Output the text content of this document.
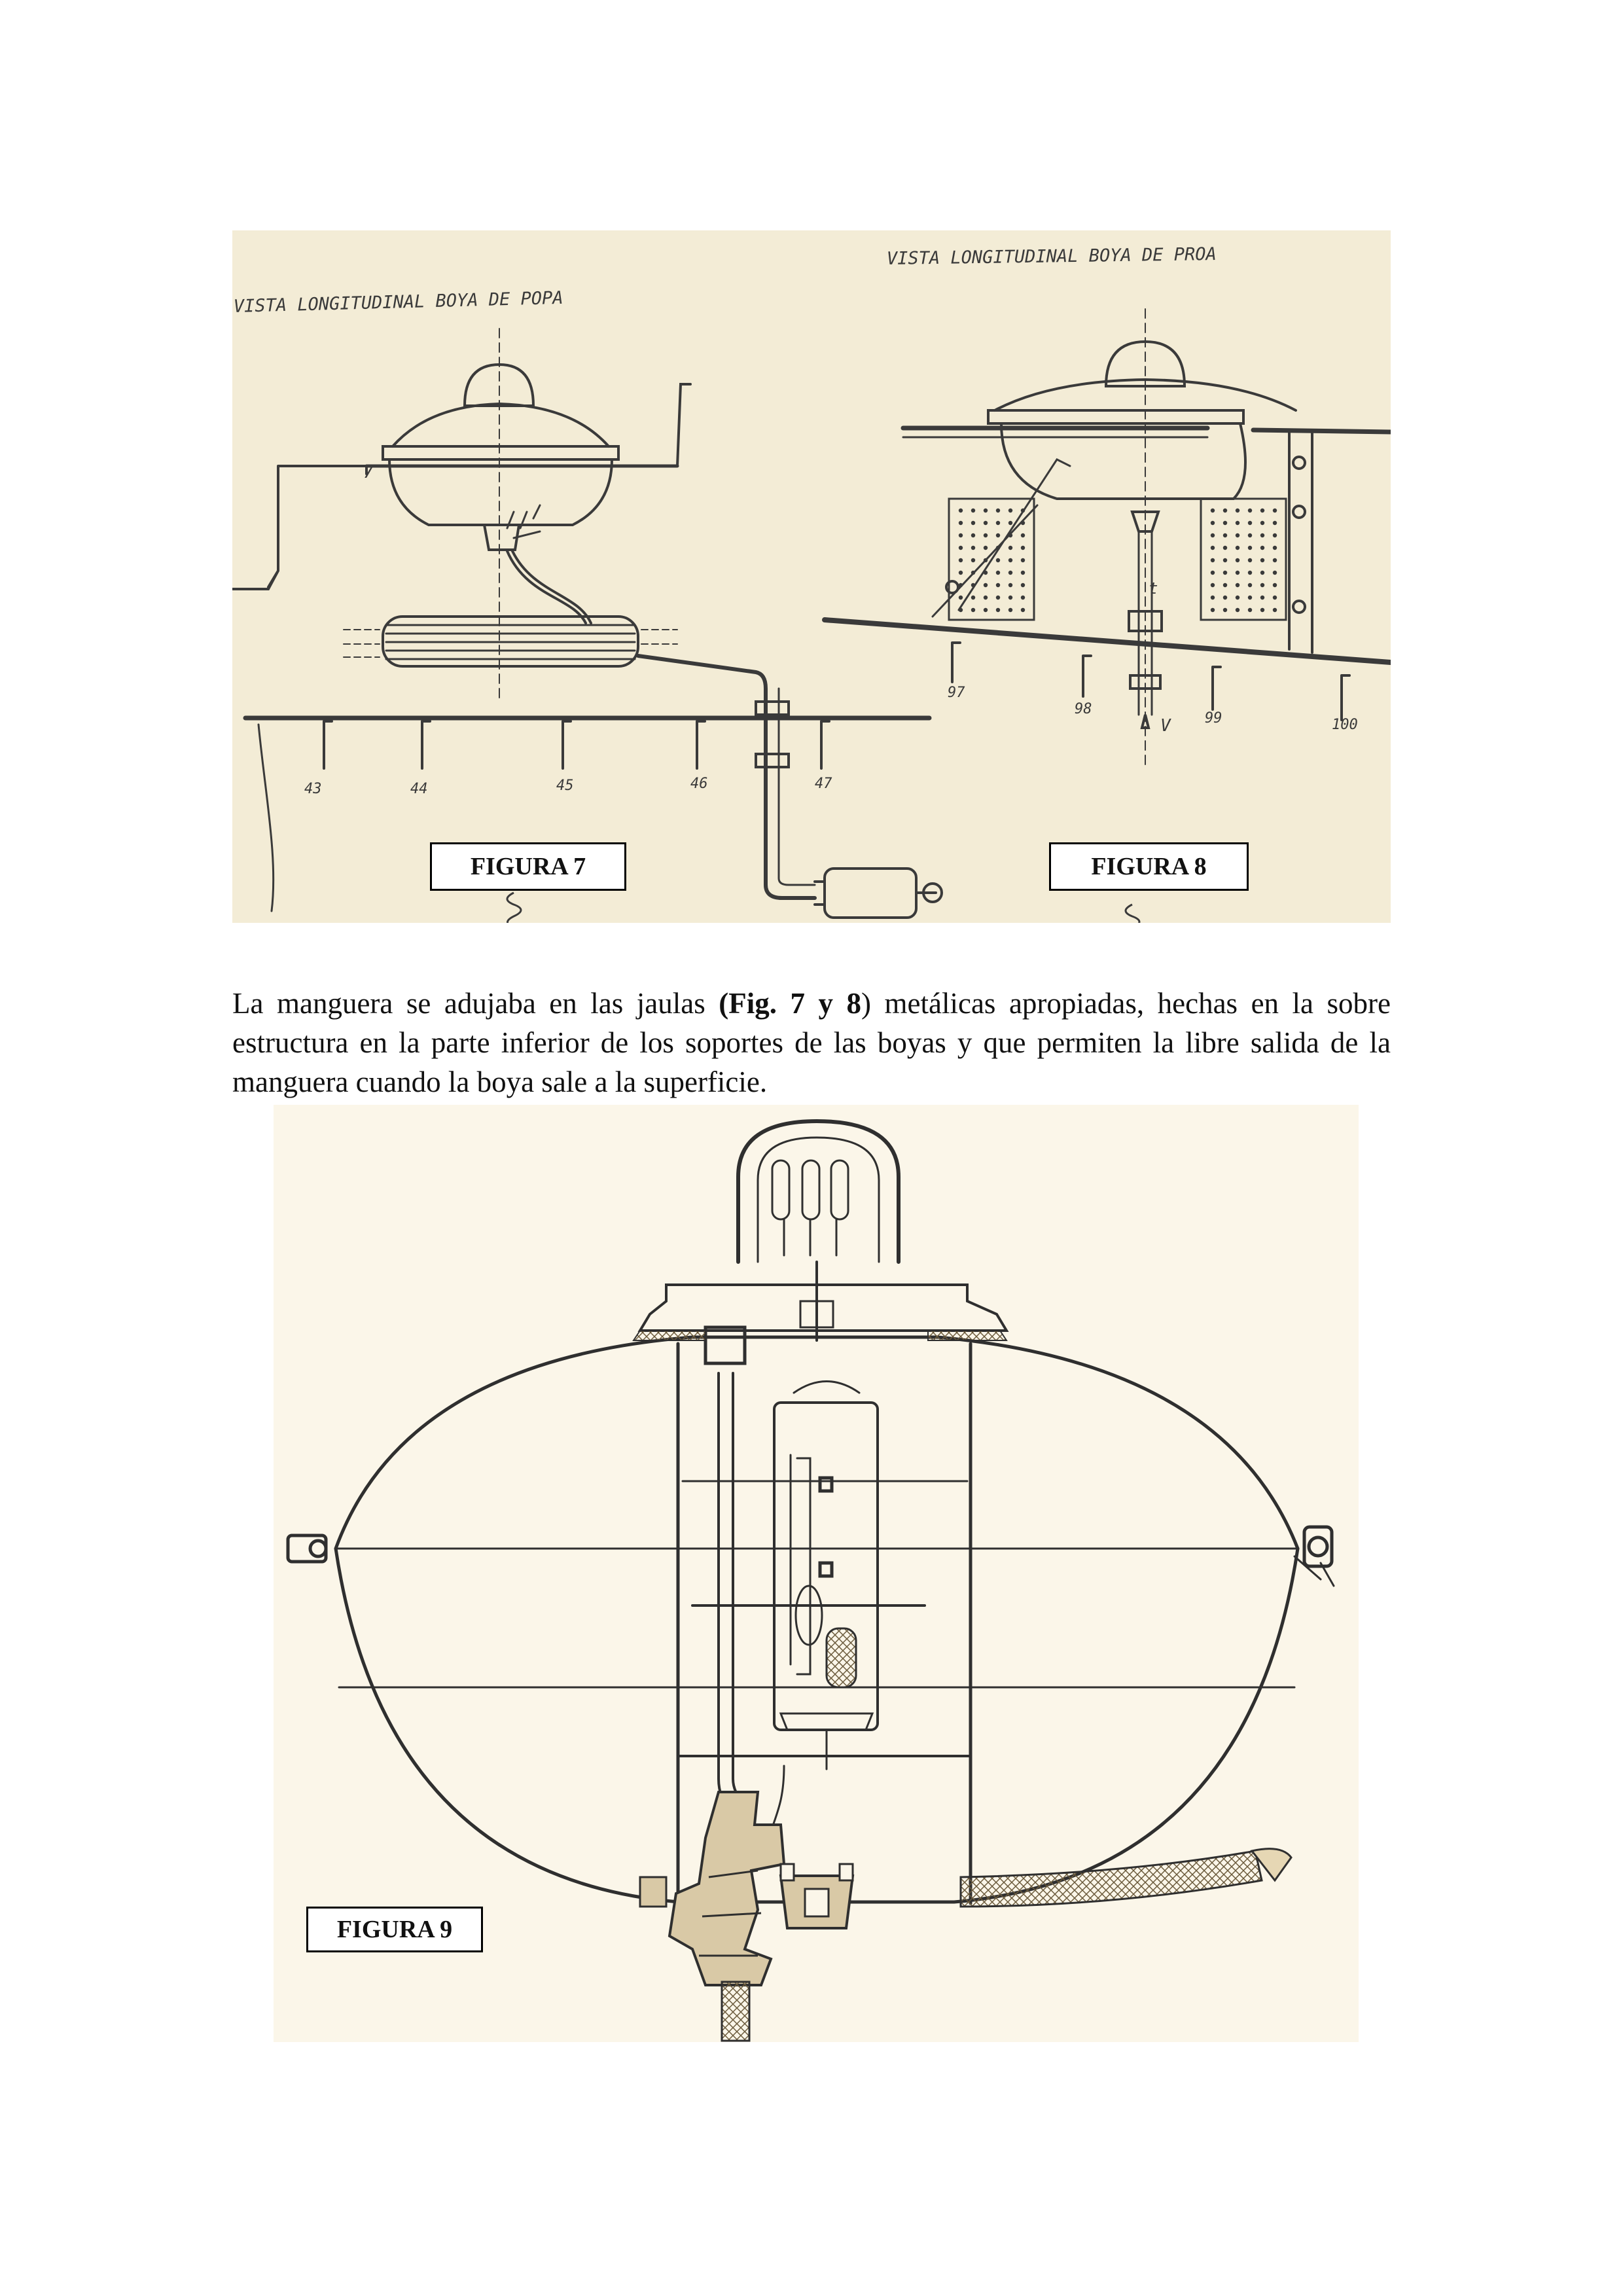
VISTA LONGITUDINAL BOYA DE POPA
VISTA LONGITUDINAL BOYA DE PROA
7
t
V
43	44	45	46	47
97
98
99	100
FIGURA 7	FIGURA 8

La manguera se adujaba en las jaulas (Fig. 7 y 8) metálicas apropiadas, hechas en la sobre estructura en la parte inferior de los soportes de las boyas y que permiten la libre salida de la manguera cuando la boya sale a la superficie.

FIGURA 9
